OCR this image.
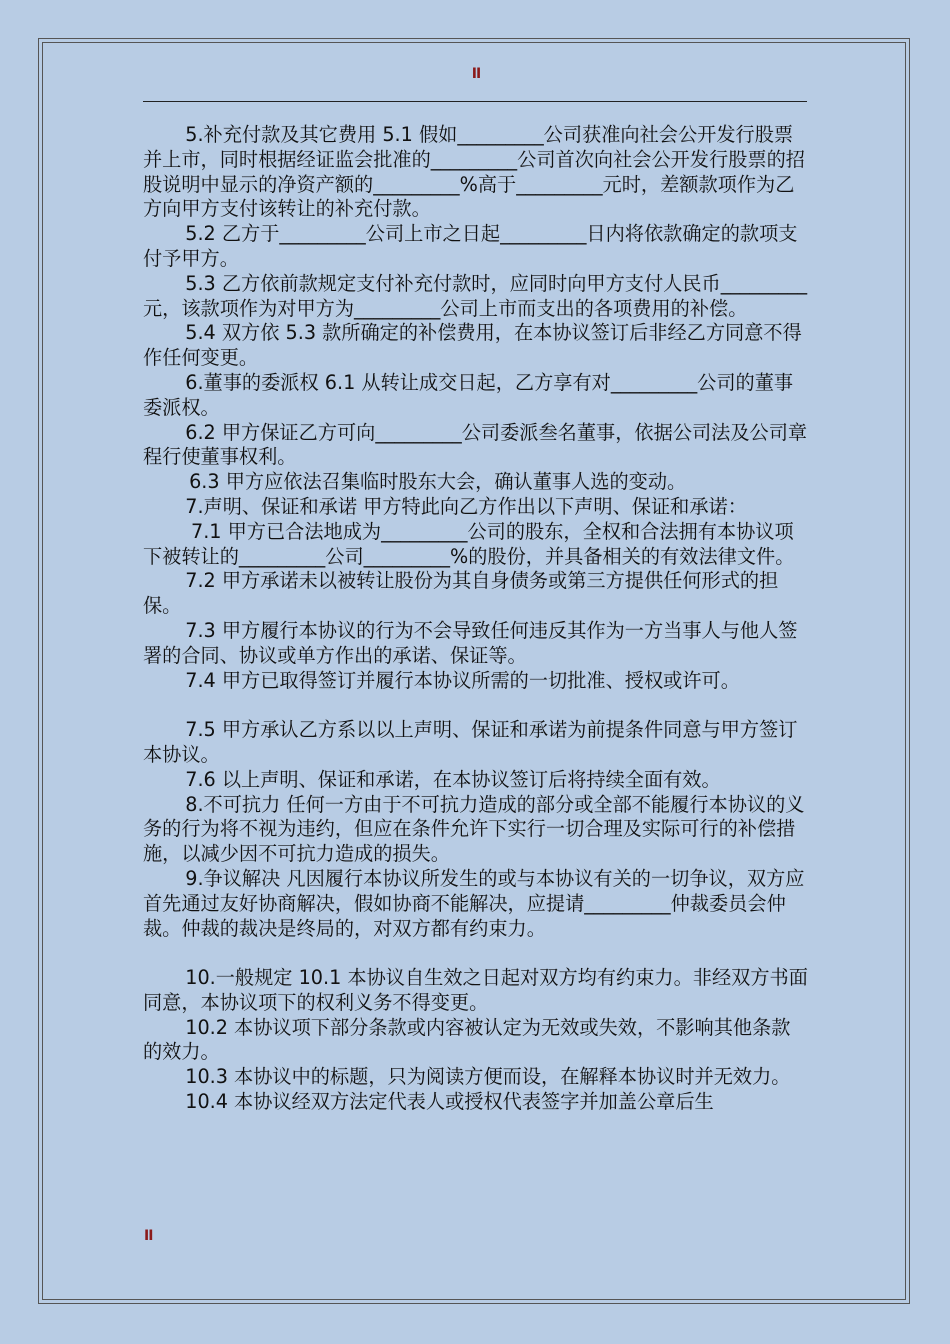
II

5.补充付款及其它费用 5.1 假如_________公司获准向社会公开发行股票并上市，同时根据经证监会批准的_________公司首次向社会公开发行股票的招股说明中显示的净资产额的_________%高于_________元时，差额款项作为乙方向甲方支付该转让的补充付款。

5.2 乙方于_________公司上市之日起_________日内将依款确定的款项支付予甲方。

5.3 乙方依前款规定支付补充付款时，应同时向甲方支付人民币_________元，该款项作为对甲方为_________公司上市而支出的各项费用的补偿。

5.4 双方依 5.3 款所确定的补偿费用，在本协议签订后非经乙方同意不得作任何变更。

6.董事的委派权 6.1 从转让成交日起，乙方享有对_________公司的董事委派权。

6.2 甲方保证乙方可向_________公司委派叁名董事，依据公司法及公司章程行使董事权利。

6.3 甲方应依法召集临时股东大会，确认董事人选的变动。

7.声明、保证和承诺 甲方特此向乙方作出以下声明、保证和承诺：

7.1 甲方已合法地成为_________公司的股东，全权和合法拥有本协议项下被转让的_________公司_________%的股份，并具备相关的有效法律文件。

7.2 甲方承诺未以被转让股份为其自身债务或第三方提供任何形式的担保。

7.3 甲方履行本协议的行为不会导致任何违反其作为一方当事人与他人签署的合同、协议或单方作出的承诺、保证等。

7.4 甲方已取得签订并履行本协议所需的一切批准、授权或许可。

7.5 甲方承认乙方系以以上声明、保证和承诺为前提条件同意与甲方签订本协议。

7.6 以上声明、保证和承诺，在本协议签订后将持续全面有效。

8.不可抗力 任何一方由于不可抗力造成的部分或全部不能履行本协议的义务的行为将不视为违约，但应在条件允许下实行一切合理及实际可行的补偿措施，以减少因不可抗力造成的损失。

9.争议解决 凡因履行本协议所发生的或与本协议有关的一切争议，双方应首先通过友好协商解决，假如协商不能解决，应提请_________仲裁委员会仲裁。仲裁的裁决是终局的，对双方都有约束力。

10.一般规定 10.1 本协议自生效之日起对双方均有约束力。非经双方书面同意，本协议项下的权利义务不得变更。

10.2 本协议项下部分条款或内容被认定为无效或失效，不影响其他条款的效力。

10.3 本协议中的标题，只为阅读方便而设，在解释本协议时并无效力。

10.4 本协议经双方法定代表人或授权代表签字并加盖公章后生

II
